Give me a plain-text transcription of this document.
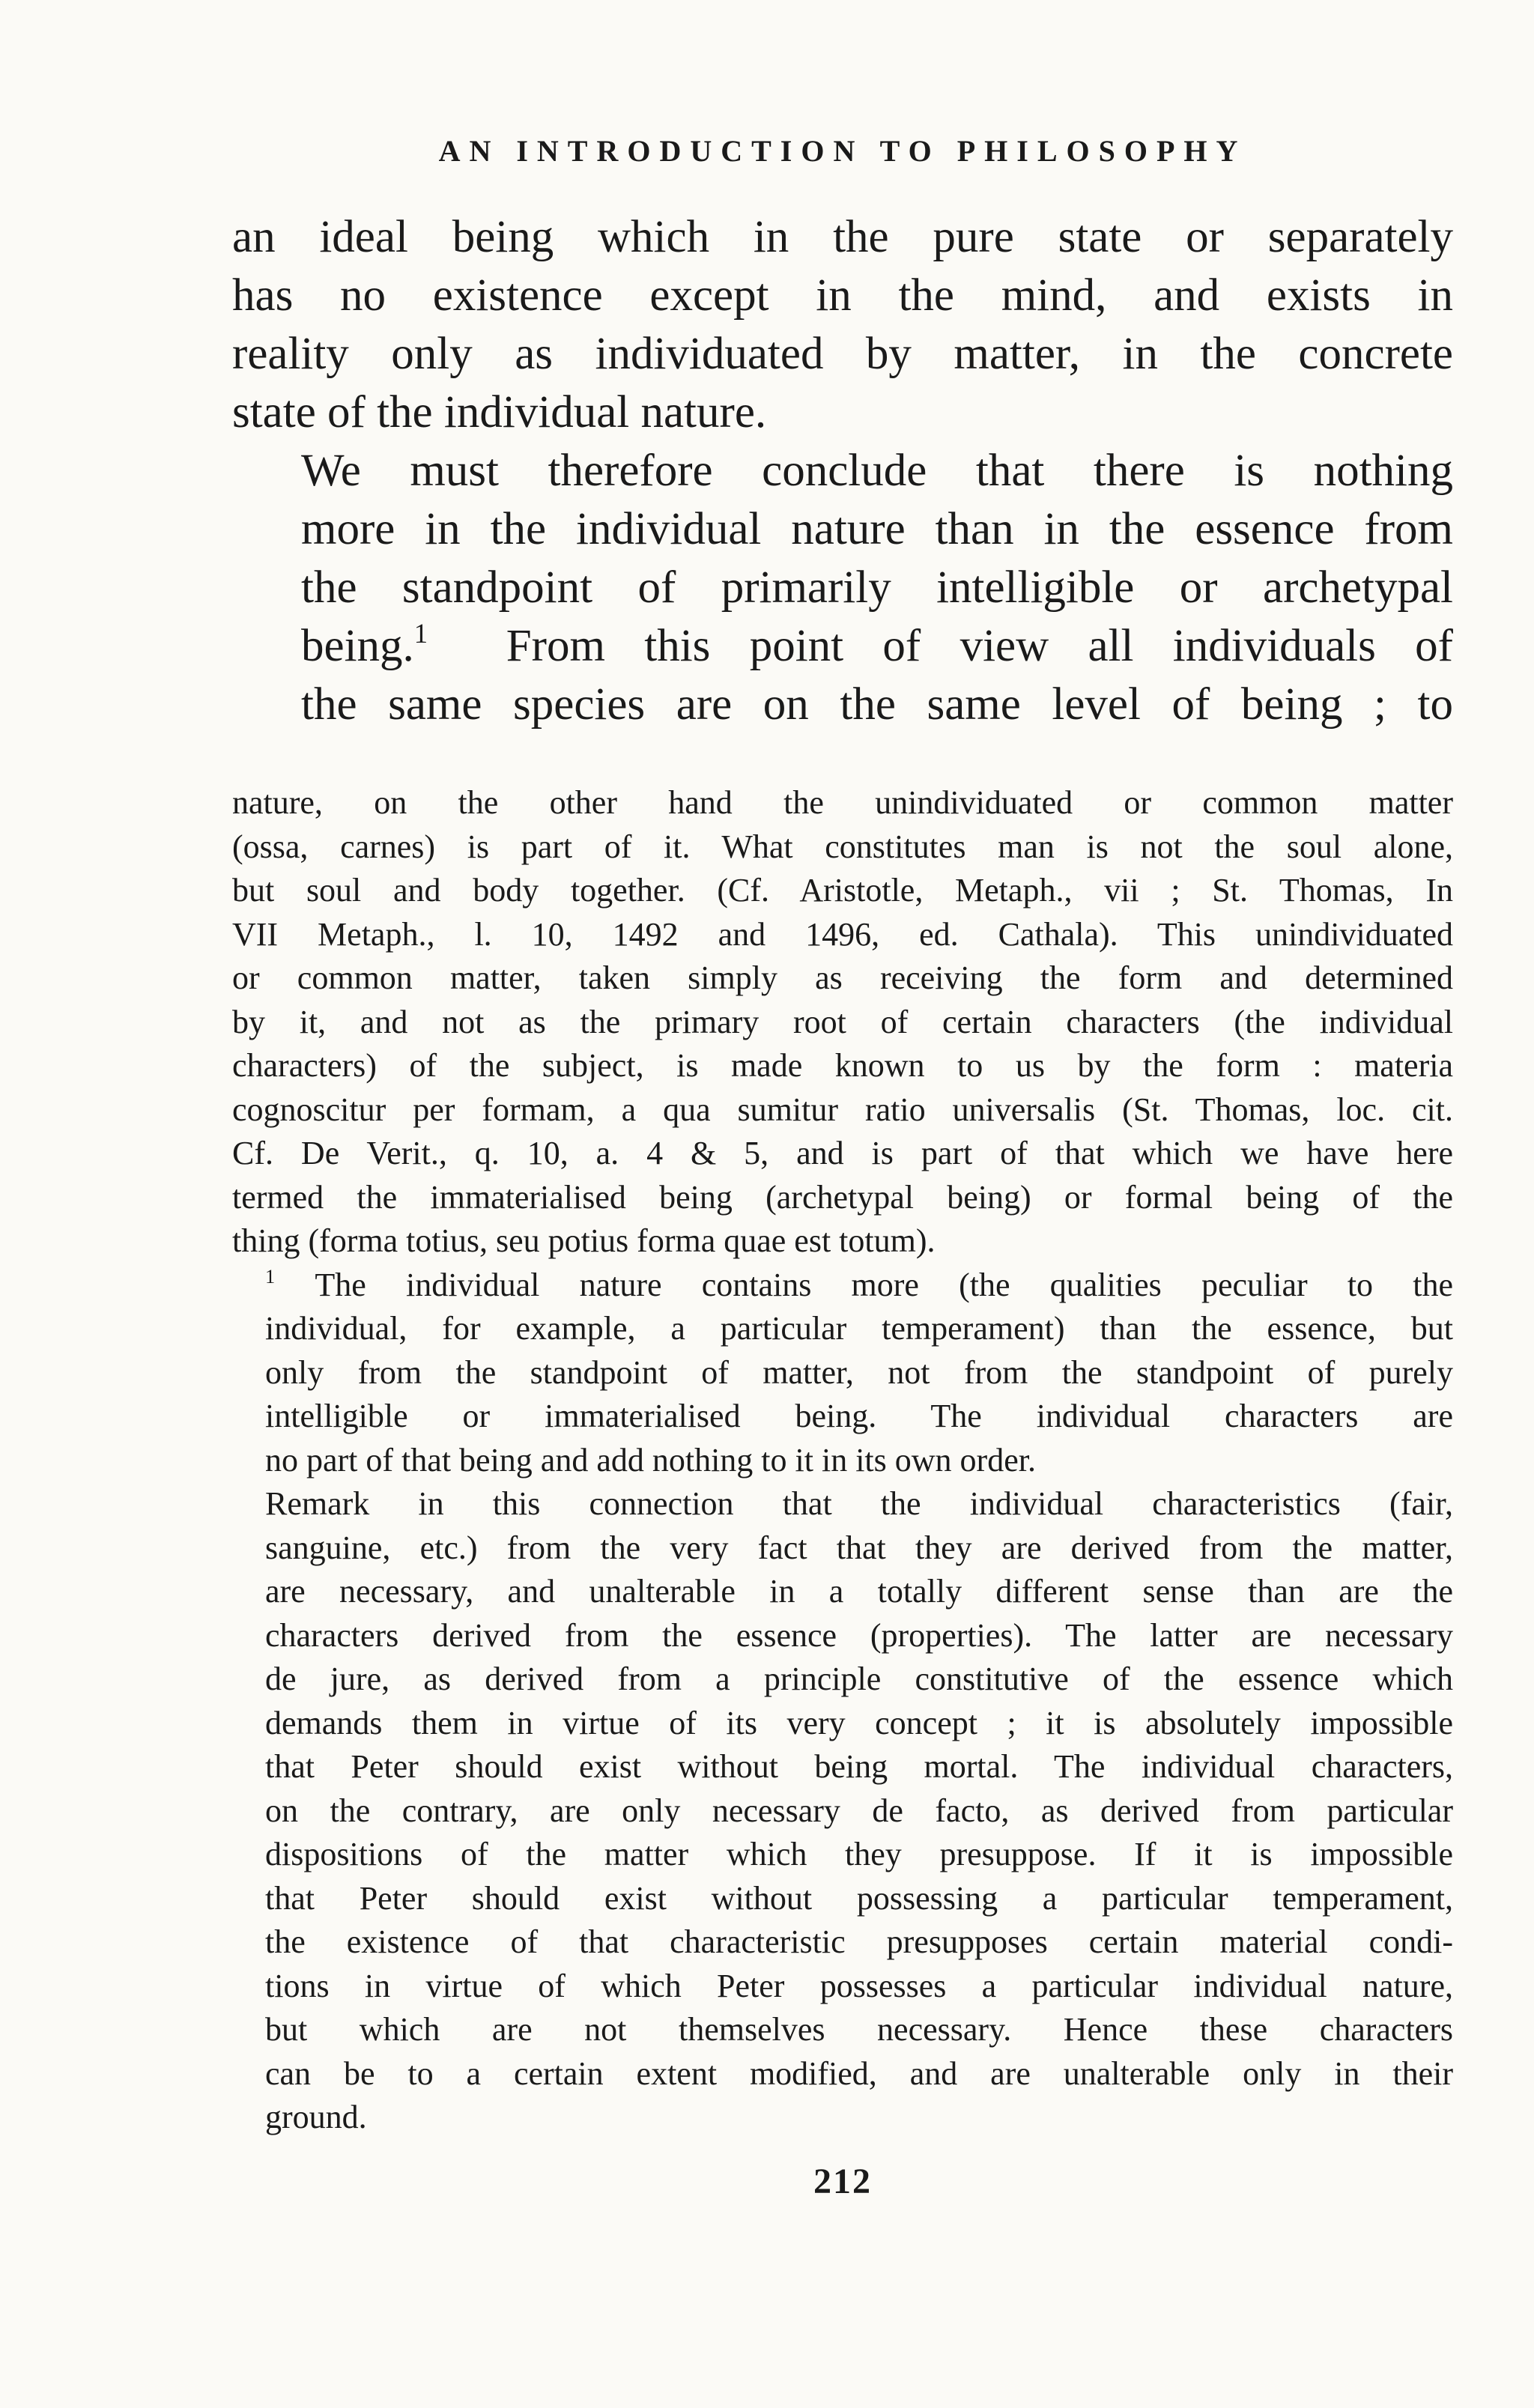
AN INTRODUCTION TO PHILOSOPHY

an ideal being which in the pure state or separately
has no existence except in the mind, and exists in
reality only as individuated by matter, in the concrete
state of the individual nature.

We must therefore conclude that there is nothing
more in the individual nature than in the essence from
the standpoint of primarily intelligible or archetypal
being.$^1$ From this point of view all individuals of
the same species are on the same level of being ; to

nature, on the other hand the unindividuated or common matter
(ossa, carnes) is part of it. What constitutes man is not the soul alone,
but soul and body together. (Cf. Aristotle, Metaph., vii ; St. Thomas, In
VII Metaph., l. 10, 1492 and 1496, ed. Cathala). This unindividuated
or common matter, taken simply as receiving the form and determined
by it, and not as the primary root of certain characters (the individual
characters) of the subject, is made known to us by the form : materia
cognoscitur per formam, a qua sumitur ratio universalis (St. Thomas, loc. cit.
Cf. De Verit., q. 10, a. 4 & 5, and is part of that which we have here
termed the immaterialised being (archetypal being) or formal being of the
thing (forma totius, seu potius forma quae est totum).

$^1$ The individual nature contains more (the qualities peculiar to the
individual, for example, a particular temperament) than the essence, but
only from the standpoint of matter, not from the standpoint of purely
intelligible or immaterialised being. The individual characters are
no part of that being and add nothing to it in its own order.

Remark in this connection that the individual characteristics (fair,
sanguine, etc.) from the very fact that they are derived from the matter,
are necessary, and unalterable in a totally different sense than are the
characters derived from the essence (properties). The latter are necessary
de jure, as derived from a principle constitutive of the essence which
demands them in virtue of its very concept ; it is absolutely impossible
that Peter should exist without being mortal. The individual characters,
on the contrary, are only necessary de facto, as derived from particular
dispositions of the matter which they presuppose. If it is impossible
that Peter should exist without possessing a particular temperament,
the existence of that characteristic presupposes certain material condi-
tions in virtue of which Peter possesses a particular individual nature,
but which are not themselves necessary. Hence these characters
can be to a certain extent modified, and are unalterable only in their
ground.

212
